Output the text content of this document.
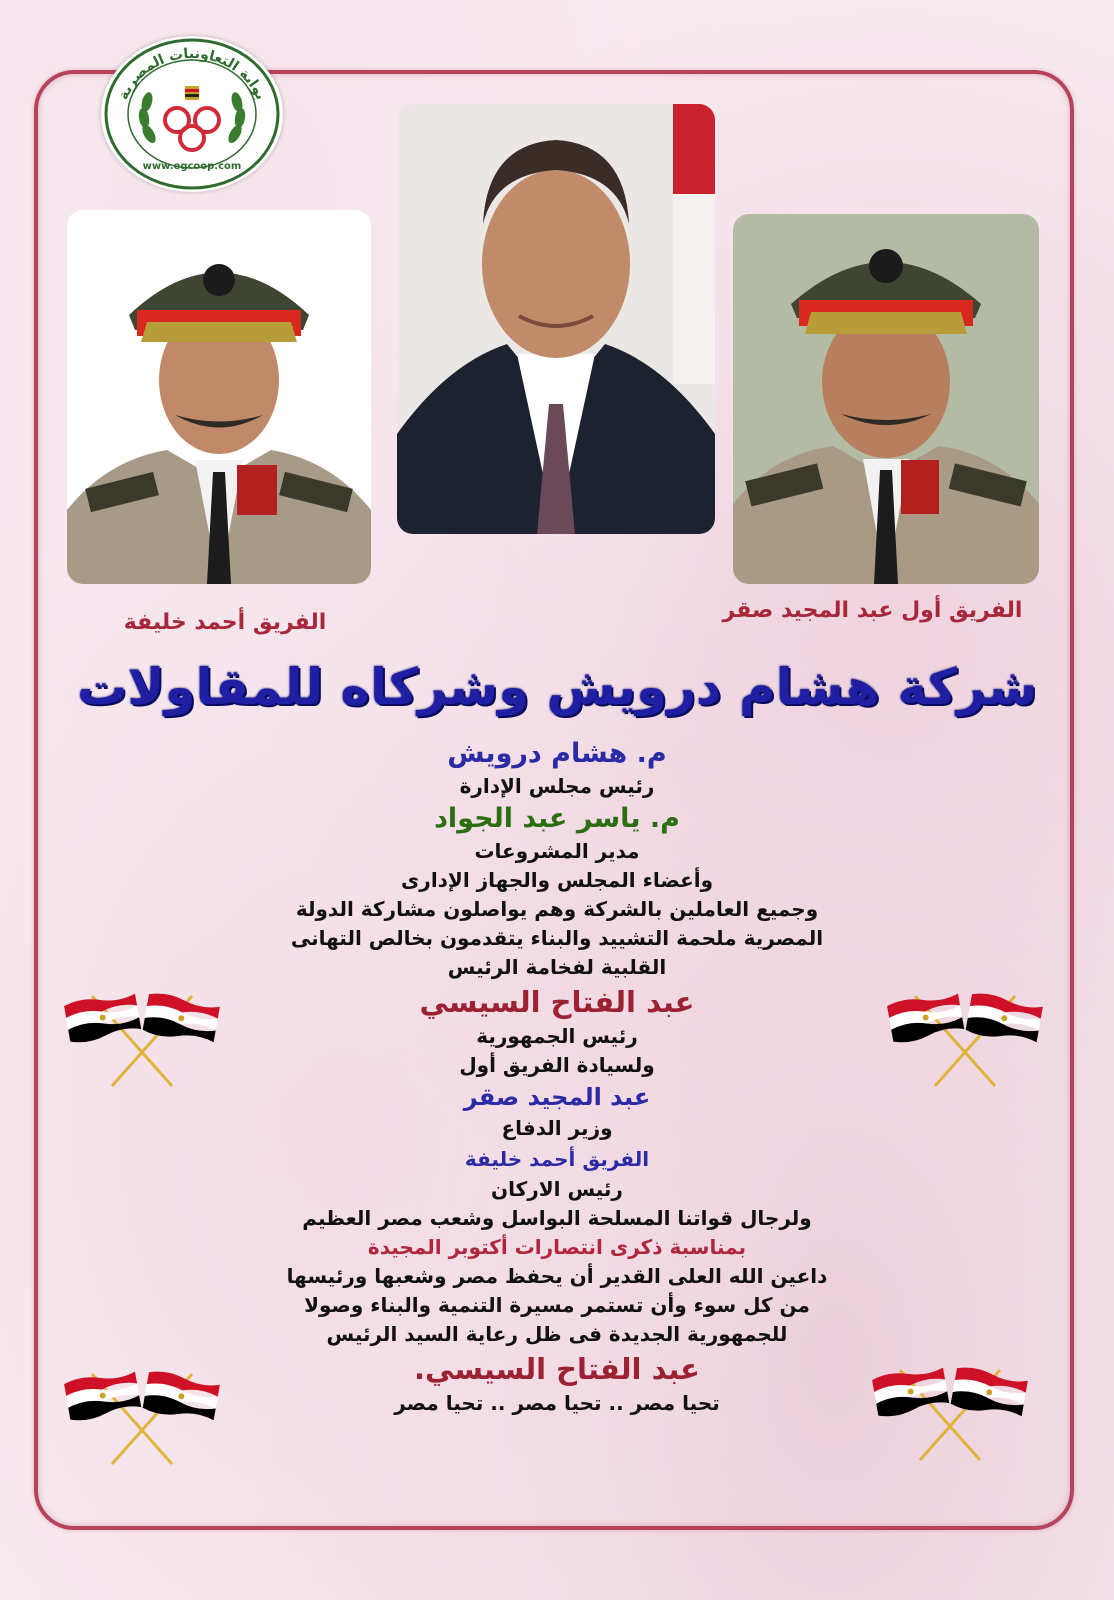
بوابة التعاونيات المصرية
www.egcoop.com
الفريق أحمد خليفة	الفريق أول عبد المجيد صقر
شركة هشام درويش وشركاه للمقاولات
م. هشام درويش
رئيس مجلس الإدارة
م. ياسر عبد الجواد
مدير المشروعات
وأعضاء المجلس والجهاز الإدارى
وجميع العاملين بالشركة وهم يواصلون مشاركة الدولة
المصرية ملحمة التشييد والبناء يتقدمون بخالص التهانى
القلبية لفخامة الرئيس
عبد الفتاح السيسي
رئيس الجمهورية
ولسيادة الفريق أول
عبد المجيد صقر
وزير الدفاع
الفريق أحمد خليفة
رئيس الاركان
ولرجال قواتنا المسلحة البواسل وشعب مصر العظيم
بمناسبة ذكرى انتصارات أكتوبر المجيدة
داعين الله العلى القدير أن يحفظ مصر وشعبها ورئيسها
من كل سوء وأن تستمر مسيرة التنمية والبناء وصولا
للجمهورية الجديدة فى ظل رعاية السيد الرئيس
عبد الفتاح السيسي.
تحيا مصر .. تحيا مصر .. تحيا مصر
